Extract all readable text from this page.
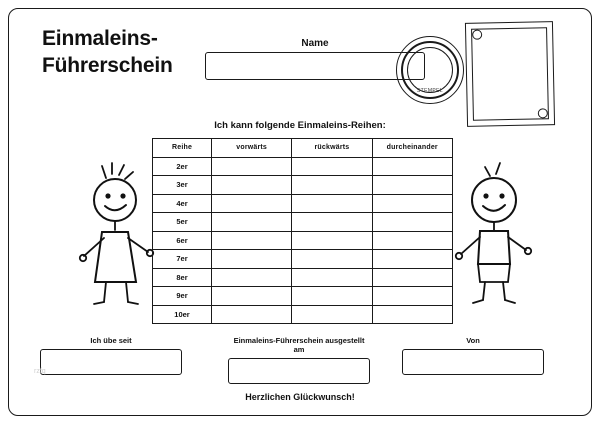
Einmaleins-
Führerschein
Name
STEMPEL
Ich kann folgende Einmaleins-Reihen:
Reihe	vorwärts	rückwärts	durcheinander
2er			
3er			
4er			
5er			
6er			
7er			
8er			
9er			
10er			
Ich übe seit	Einmaleins-Führerschein ausgestellt am
Von
Herzlichen Glückwunsch!
rzfq
